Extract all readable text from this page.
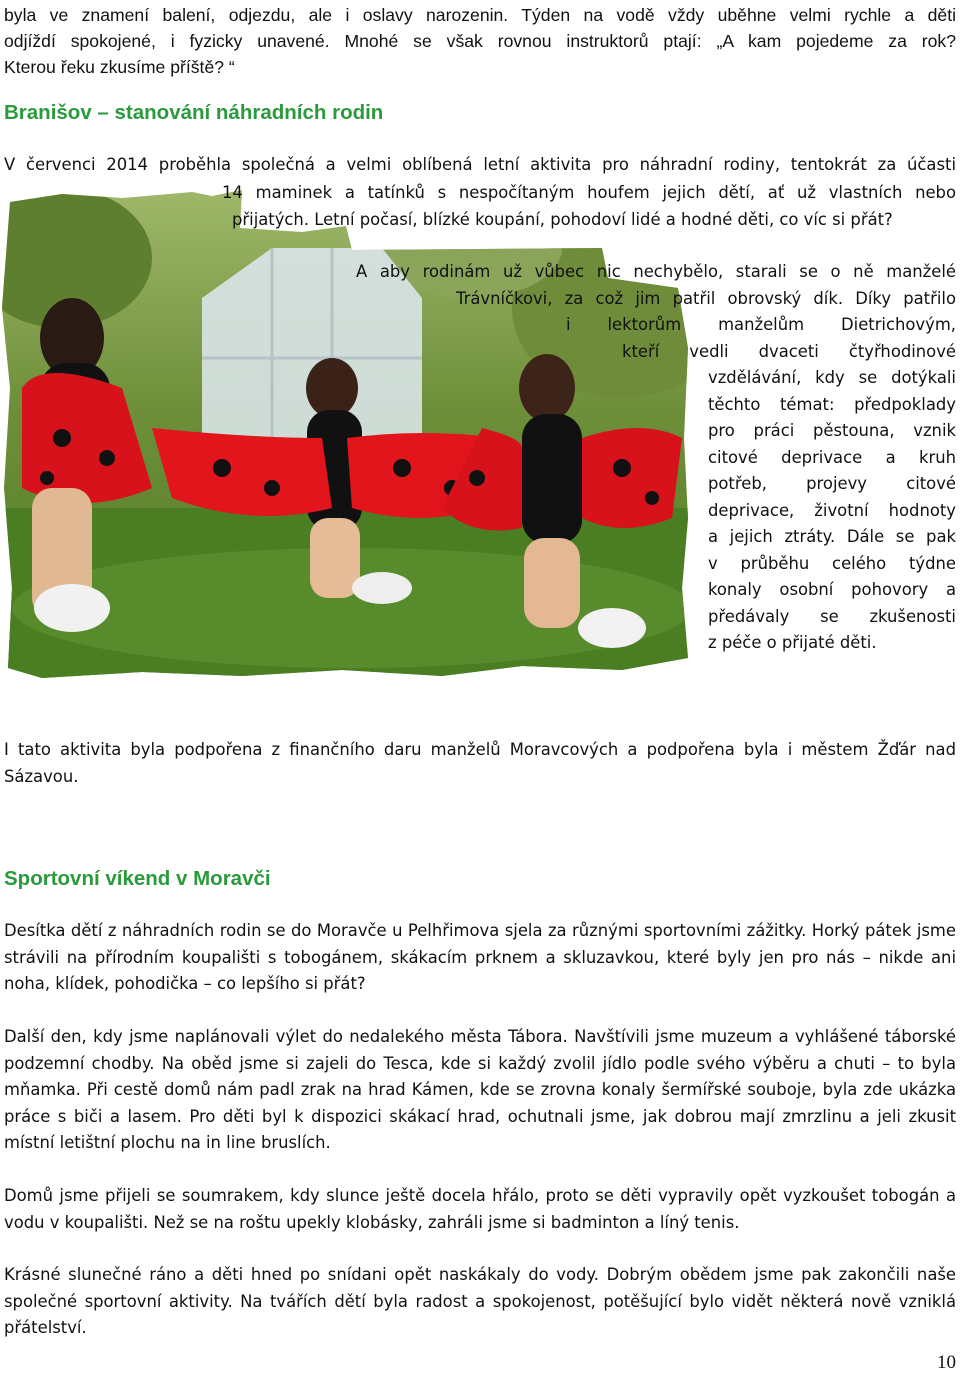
byla ve znamení balení, odjezdu, ale i oslavy narozenin. Týden na vodě vždy uběhne velmi rychle a děti
odjíždí spokojené, i fyzicky unavené. Mnohé se však rovnou instruktorů ptají: „A kam pojedeme za rok?
Kterou řeku zkusíme příště? “
Branišov – stanování náhradních rodin
V červenci 2014 proběhla společná a velmi oblíbená letní aktivita pro náhradní rodiny, tentokrát za účasti
14 maminek a tatínků s nespočítaným houfem jejich dětí, ať už vlastních nebo
přijatých. Letní počasí, blízké koupání, pohodoví lidé a hodné děti, co víc si přát?
A aby rodinám už vůbec nic nechybělo, starali se o ně manželé
Trávníčkovi, za což jim patřil obrovský dík. Díky patřilo
i lektorům manželům Dietrichovým,
kteří vedli dvaceti čtyřhodinové
vzdělávání, kdy se dotýkali
těchto témat: předpoklady
pro práci pěstouna, vznik
citové deprivace a kruh
potřeb, projevy citové
deprivace, životní hodnoty
a jejich ztráty. Dále se pak
v průběhu celého týdne
konaly osobní pohovory a
předávaly se zkušenosti
z péče o přijaté děti.
I tato aktivita byla podpořena z finančního daru manželů Moravcových a podpořena byla i městem Žďár nad Sázavou.
Sportovní víkend v Moravči
Desítka dětí z náhradních rodin se do Moravče u Pelhřimova sjela za různými sportovními zážitky. Horký pátek jsme strávili na přírodním koupališti s tobogánem, skákacím prknem a skluzavkou, které byly jen pro nás – nikde ani noha, klídek, pohodička – co lepšího si přát?
Další den, kdy jsme naplánovali výlet do nedalekého města Tábora. Navštívili jsme muzeum a vyhlášené táborské podzemní chodby. Na oběd jsme si zajeli do Tesca, kde si každý zvolil jídlo podle svého výběru a chuti – to byla mňamka. Při cestě domů nám padl zrak na hrad Kámen, kde se zrovna konaly šermířské souboje, byla zde ukázka práce s biči a lasem. Pro děti byl k dispozici skákací hrad, ochutnali jsme, jak dobrou mají zmrzlinu a jeli zkusit místní letištní plochu na in line bruslích.
Domů jsme přijeli se soumrakem, kdy slunce ještě docela hřálo, proto se děti vypravily opět vyzkoušet tobogán a vodu v koupališti. Než se na roštu upekly klobásky, zahráli jsme si badminton a líný tenis.
Krásné slunečné ráno a děti hned po snídani opět naskákaly do vody. Dobrým obědem jsme pak zakončili naše společné sportovní aktivity. Na tvářích dětí byla radost a spokojenost, potěšující bylo vidět některá nově vzniklá přátelství.
10
